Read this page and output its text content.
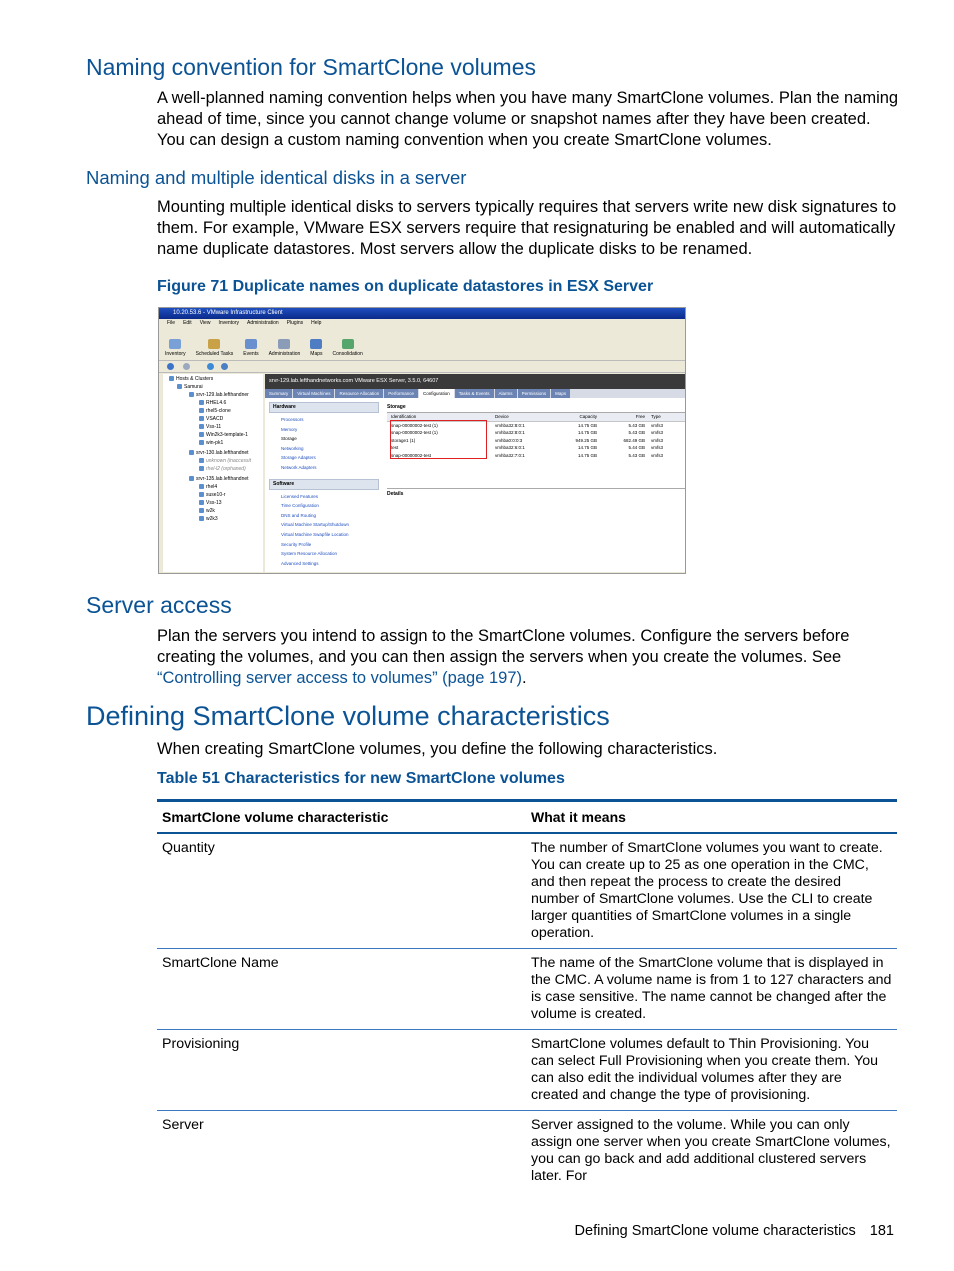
Naming convention for SmartClone volumes
A well-planned naming convention helps when you have many SmartClone volumes. Plan the naming ahead of time, since you cannot change volume or snapshot names after they have been created. You can design a custom naming convention when you create SmartClone volumes.
Naming and multiple identical disks in a server
Mounting multiple identical disks to servers typically requires that servers write new disk signatures to them. For example, VMware ESX servers require that resignaturing be enabled and will automatically name duplicate datastores. Most servers allow the duplicate disks to be renamed.
Figure 71 Duplicate names on duplicate datastores in ESX Server
10.20.53.6 - VMware Infrastructure Client
File Edit View Inventory Administration Plugins Help
Inventory Scheduled Tasks Events Administration Maps Consolidation
Hosts & Clusters
Samurai
srvr-129.lab.lefthandner
RHEL4.6
rhel5-clone
VSACD
Vss-11
Win2k3-template-1
win-pk1
srvr-130.lab.lefthandnet
unknown (inaccessit
rhel-l2 (orphaned)
srvr-135.lab.lefthandnet
rhel4
suse10-r
Vss-13
w2k
w2k3
srvr-129.lab.lefthandnetworks.com VMware ESX Server, 3.5.0, 64607
Summary	Virtual Machines	Resource Allocation	Performance	Configuration	Tasks & Events	Alarms	Permissions	Maps
Hardware
Processors
Memory
Storage
Networking
Storage Adapters
Network Adapters
Software
Licensed Features
Time Configuration
DNS and Routing
Virtual Machine Startup/Shutdown
Virtual Machine Swapfile Location
Security Profile
System Resource Allocation
Advanced Settings
Storage
Identification	Device	Capacity	Free	Type
snap-00000002-test (1)	vmhba32:8:0:1	14.75 GB	5.43 GB	vmfs3
snap-00000002-test (1)	vmhba32:8:0:1	14.75 GB	5.43 GB	vmfs3
storage1 (1)	vmhba0:0:0:3	949.25 GB	682.49 GB	vmfs3
test	vmhba32:6:0:1	14.75 GB	5.44 GB	vmfs3
snap-00000002-test	vmhba32:7:0:1	14.75 GB	5.43 GB	vmfs3
Details
Server access
Plan the servers you intend to assign to the SmartClone volumes. Configure the servers before creating the volumes, and you can then assign the servers when you create the volumes. See “Controlling server access to volumes” (page 197).
Defining SmartClone volume characteristics
When creating SmartClone volumes, you define the following characteristics.
Table 51 Characteristics for new SmartClone volumes
SmartClone volume characteristic	What it means
Quantity	The number of SmartClone volumes you want to create. You can create up to 25 as one operation in the CMC, and then repeat the process to create the desired number of SmartClone volumes. Use the CLI to create larger quantities of SmartClone volumes in a single operation.
SmartClone Name	The name of the SmartClone volume that is displayed in the CMC. A volume name is from 1 to 127 characters and is case sensitive. The name cannot be changed after the volume is created.
Provisioning	SmartClone volumes default to Thin Provisioning. You can select Full Provisioning when you create them. You can also edit the individual volumes after they are created and change the type of provisioning.
Server	Server assigned to the volume. While you can only assign one server when you create SmartClone volumes, you can go back and add additional clustered servers later. For
Defining SmartClone volume characteristics 181
